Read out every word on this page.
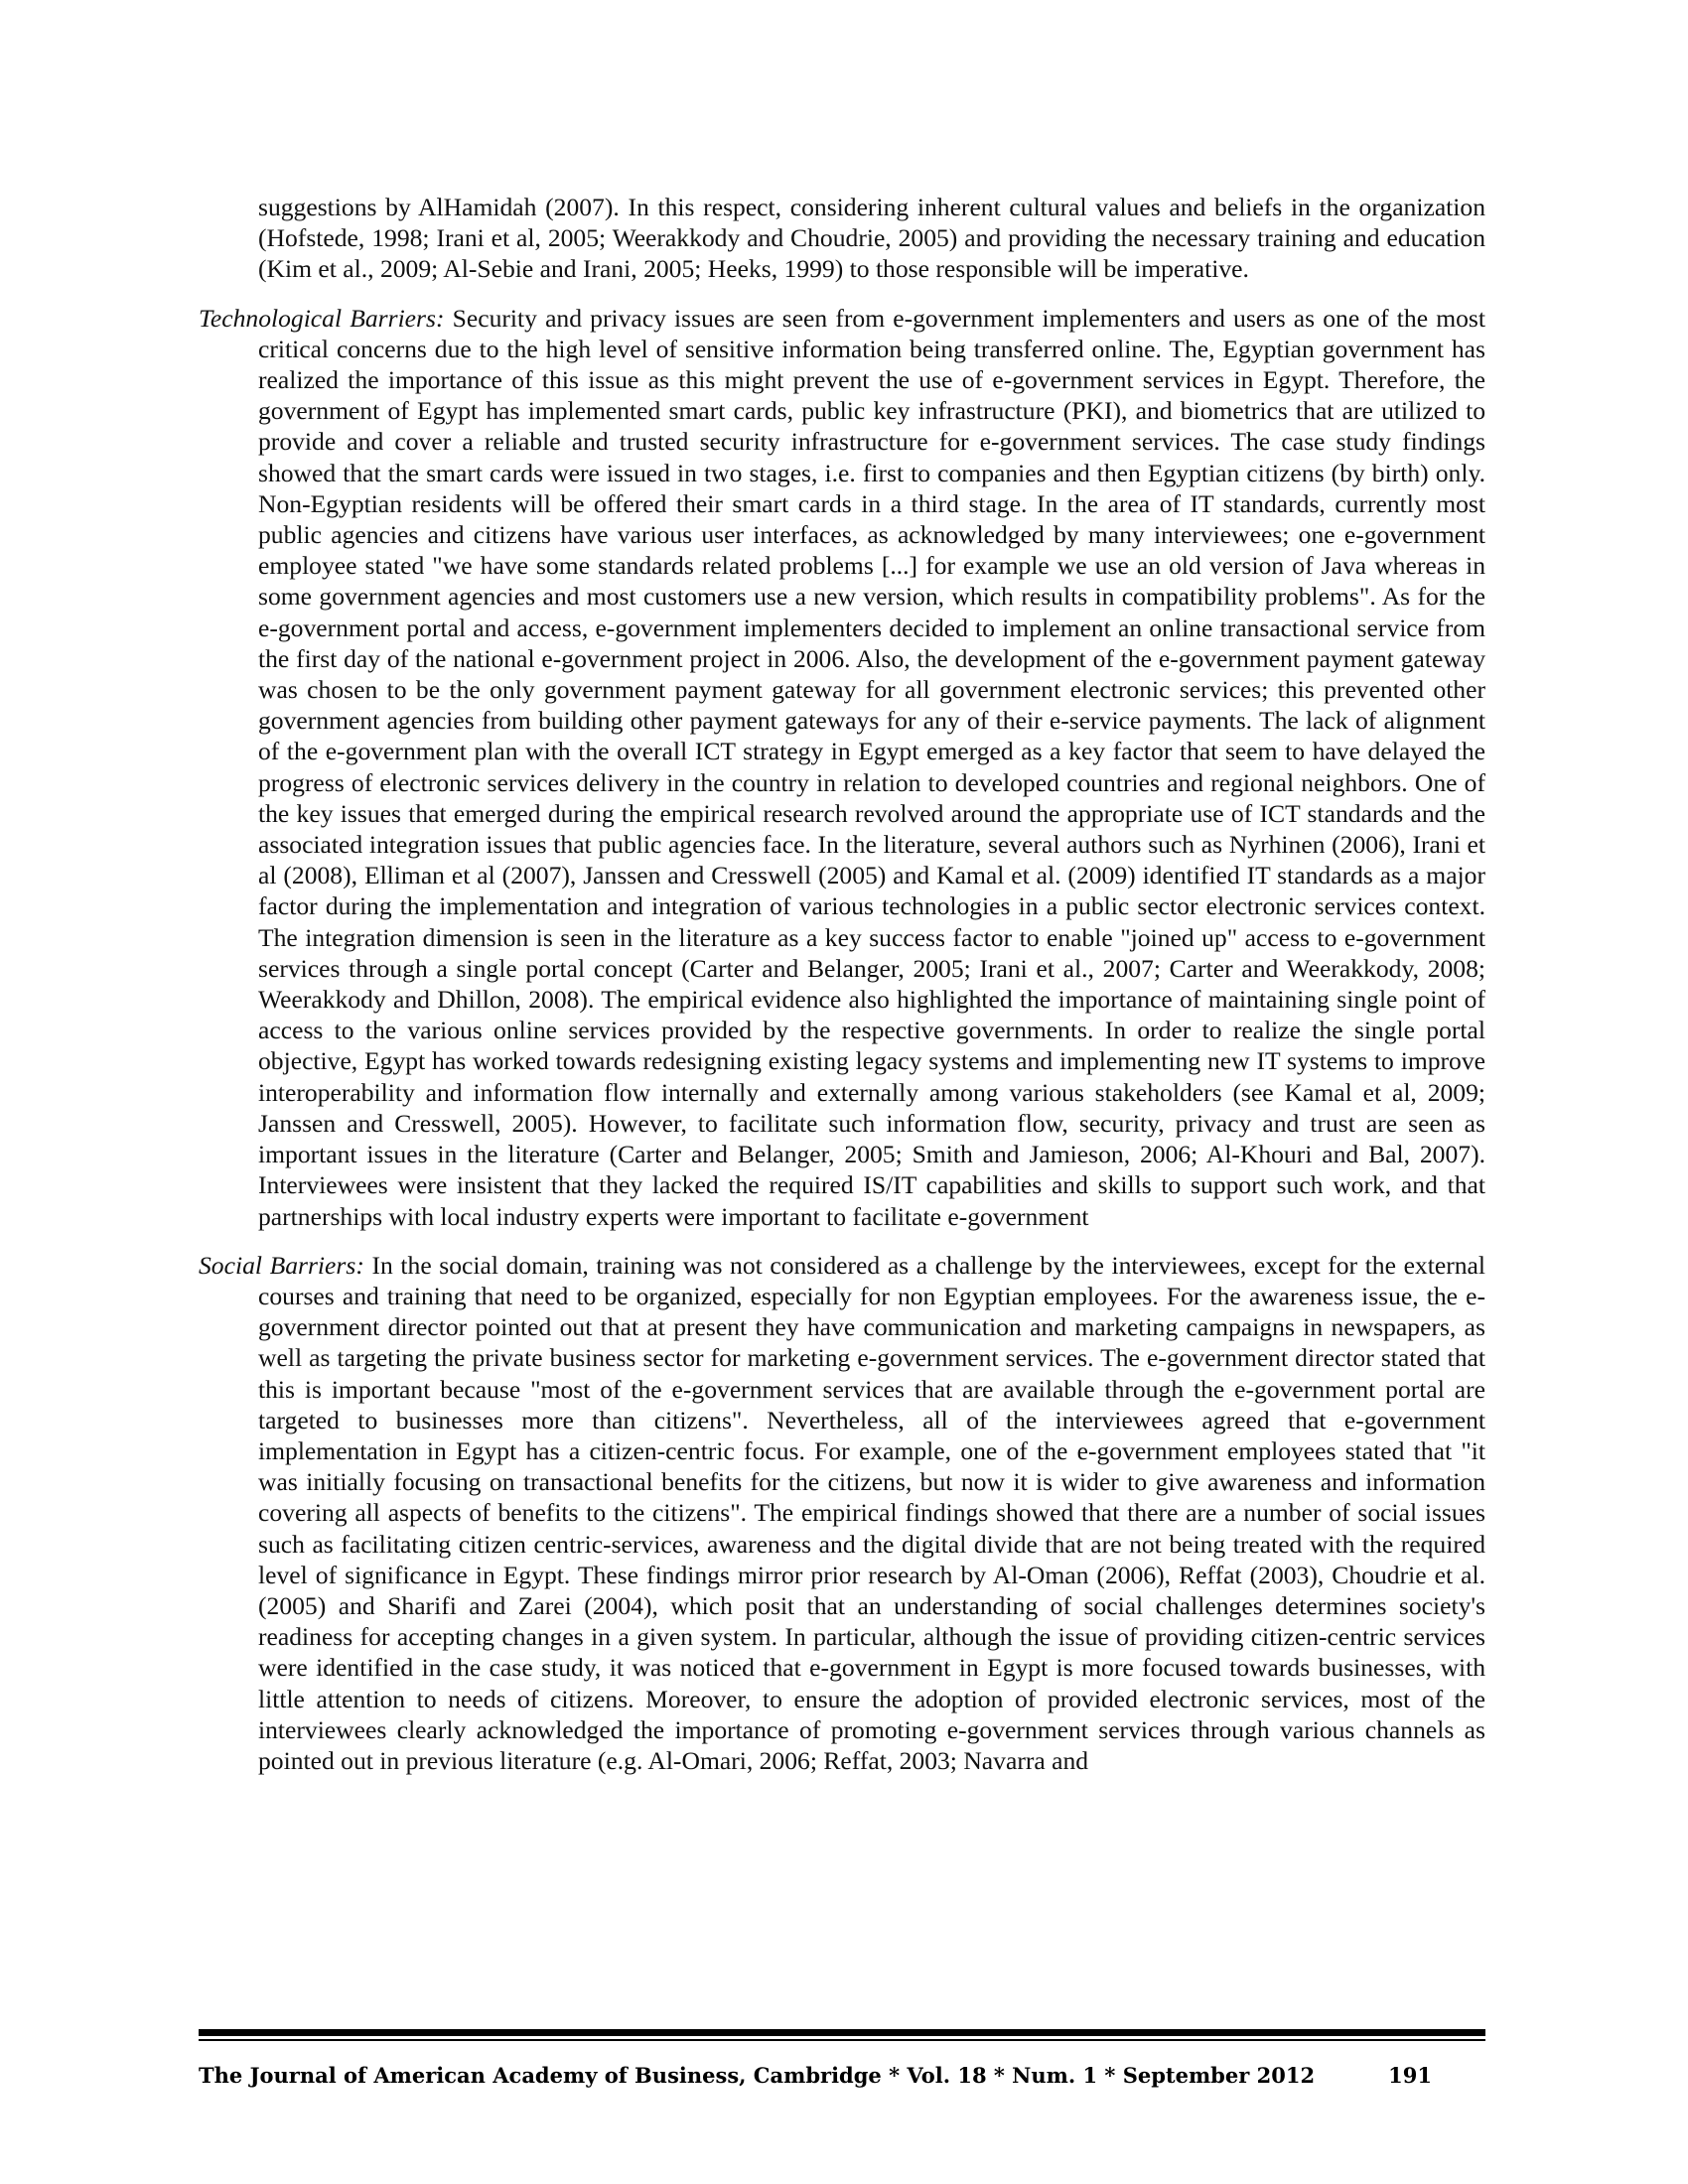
suggestions by AlHamidah (2007). In this respect, considering inherent cultural values and beliefs in the organization (Hofstede, 1998; Irani et al, 2005; Weerakkody and Choudrie, 2005) and providing the necessary training and education (Kim et al., 2009; Al-Sebie and Irani, 2005; Heeks, 1999) to those responsible will be imperative.

Technological Barriers: Security and privacy issues are seen from e-government implementers and users as one of the most critical concerns due to the high level of sensitive information being transferred online. The, Egyptian government has realized the importance of this issue as this might prevent the use of e-government services in Egypt. Therefore, the government of Egypt has implemented smart cards, public key infrastructure (PKI), and biometrics that are utilized to provide and cover a reliable and trusted security infrastructure for e-government services. The case study findings showed that the smart cards were issued in two stages, i.e. first to companies and then Egyptian citizens (by birth) only. Non-Egyptian residents will be offered their smart cards in a third stage. In the area of IT standards, currently most public agencies and citizens have various user interfaces, as acknowledged by many interviewees; one e-government employee stated "we have some standards related problems [...] for example we use an old version of Java whereas in some government agencies and most customers use a new version, which results in compatibility problems". As for the e-government portal and access, e-government implementers decided to implement an online transactional service from the first day of the national e-government project in 2006. Also, the development of the e-government payment gateway was chosen to be the only government payment gateway for all government electronic services; this prevented other government agencies from building other payment gateways for any of their e-service payments. The lack of alignment of the e-government plan with the overall ICT strategy in Egypt emerged as a key factor that seem to have delayed the progress of electronic services delivery in the country in relation to developed countries and regional neighbors. One of the key issues that emerged during the empirical research revolved around the appropriate use of ICT standards and the associated integration issues that public agencies face. In the literature, several authors such as Nyrhinen (2006), Irani et al (2008), Elliman et al (2007), Janssen and Cresswell (2005) and Kamal et al. (2009) identified IT standards as a major factor during the implementation and integration of various technologies in a public sector electronic services context. The integration dimension is seen in the literature as a key success factor to enable "joined up" access to e-government services through a single portal concept (Carter and Belanger, 2005; Irani et al., 2007; Carter and Weerakkody, 2008; Weerakkody and Dhillon, 2008). The empirical evidence also highlighted the importance of maintaining single point of access to the various online services provided by the respective governments. In order to realize the single portal objective, Egypt has worked towards redesigning existing legacy systems and implementing new IT systems to improve interoperability and information flow internally and externally among various stakeholders (see Kamal et al, 2009; Janssen and Cresswell, 2005). However, to facilitate such information flow, security, privacy and trust are seen as important issues in the literature (Carter and Belanger, 2005; Smith and Jamieson, 2006; Al-Khouri and Bal, 2007). Interviewees were insistent that they lacked the required IS/IT capabilities and skills to support such work, and that partnerships with local industry experts were important to facilitate e-government

Social Barriers: In the social domain, training was not considered as a challenge by the interviewees, except for the external courses and training that need to be organized, especially for non Egyptian employees. For the awareness issue, the e-government director pointed out that at present they have communication and marketing campaigns in newspapers, as well as targeting the private business sector for marketing e-government services. The e-government director stated that this is important because "most of the e-government services that are available through the e-government portal are targeted to businesses more than citizens". Nevertheless, all of the interviewees agreed that e-government implementation in Egypt has a citizen-centric focus. For example, one of the e-government employees stated that "it was initially focusing on transactional benefits for the citizens, but now it is wider to give awareness and information covering all aspects of benefits to the citizens". The empirical findings showed that there are a number of social issues such as facilitating citizen centric-services, awareness and the digital divide that are not being treated with the required level of significance in Egypt. These findings mirror prior research by Al-Oman (2006), Reffat (2003), Choudrie et al. (2005) and Sharifi and Zarei (2004), which posit that an understanding of social challenges determines society's readiness for accepting changes in a given system. In particular, although the issue of providing citizen-centric services were identified in the case study, it was noticed that e-government in Egypt is more focused towards businesses, with little attention to needs of citizens. Moreover, to ensure the adoption of provided electronic services, most of the interviewees clearly acknowledged the importance of promoting e-government services through various channels as pointed out in previous literature (e.g. Al-Omari, 2006; Reffat, 2003; Navarra and

The Journal of American Academy of Business, Cambridge * Vol. 18 * Num. 1 * September 2012	191
